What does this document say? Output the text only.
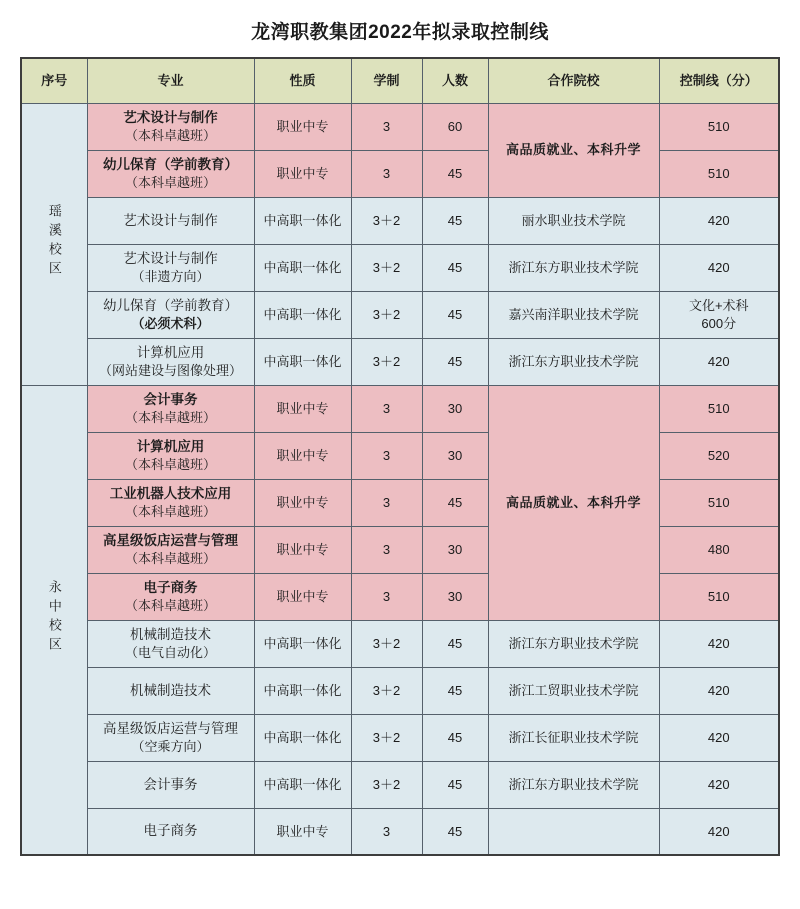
龙湾职教集团2022年拟录取控制线
序号	专业	性质	学制	人数	合作院校	控制线（分）
瑶溪校区	艺术设计与制作
（本科卓越班）	职业中专	3	60	高品质就业、本科升学	510

	幼儿保育（学前教育）
（本科卓越班）	职业中专	3	45		510

	艺术设计与制作	中高职一体化	3＋2	45	丽水职业技术学院	420

	艺术设计与制作
（非遗方向）	中高职一体化	3＋2	45	浙江东方职业技术学院	420

	幼儿保育（学前教育）
（必须术科）	中高职一体化	3＋2	45	嘉兴南洋职业技术学院	文化+术科
600分

	计算机应用
（网站建设与图像处理）	中高职一体化	3＋2	45	浙江东方职业技术学院	420
永中校区	会计事务
（本科卓越班）	职业中专	3	30	高品质就业、本科升学	510

	计算机应用
（本科卓越班）	职业中专	3	30		520

	工业机器人技术应用
（本科卓越班）	职业中专	3	45		510

	高星级饭店运营与管理
（本科卓越班）	职业中专	3	30		480

	电子商务
（本科卓越班）	职业中专	3	30		510

	机械制造技术
（电气自动化）	中高职一体化	3＋2	45	浙江东方职业技术学院	420

	机械制造技术	中高职一体化	3＋2	45	浙江工贸职业技术学院	420

	高星级饭店运营与管理
（空乘方向）	中高职一体化	3＋2	45	浙江长征职业技术学院	420

	会计事务	中高职一体化	3＋2	45	浙江东方职业技术学院	420

	电子商务	职业中专	3	45		420
